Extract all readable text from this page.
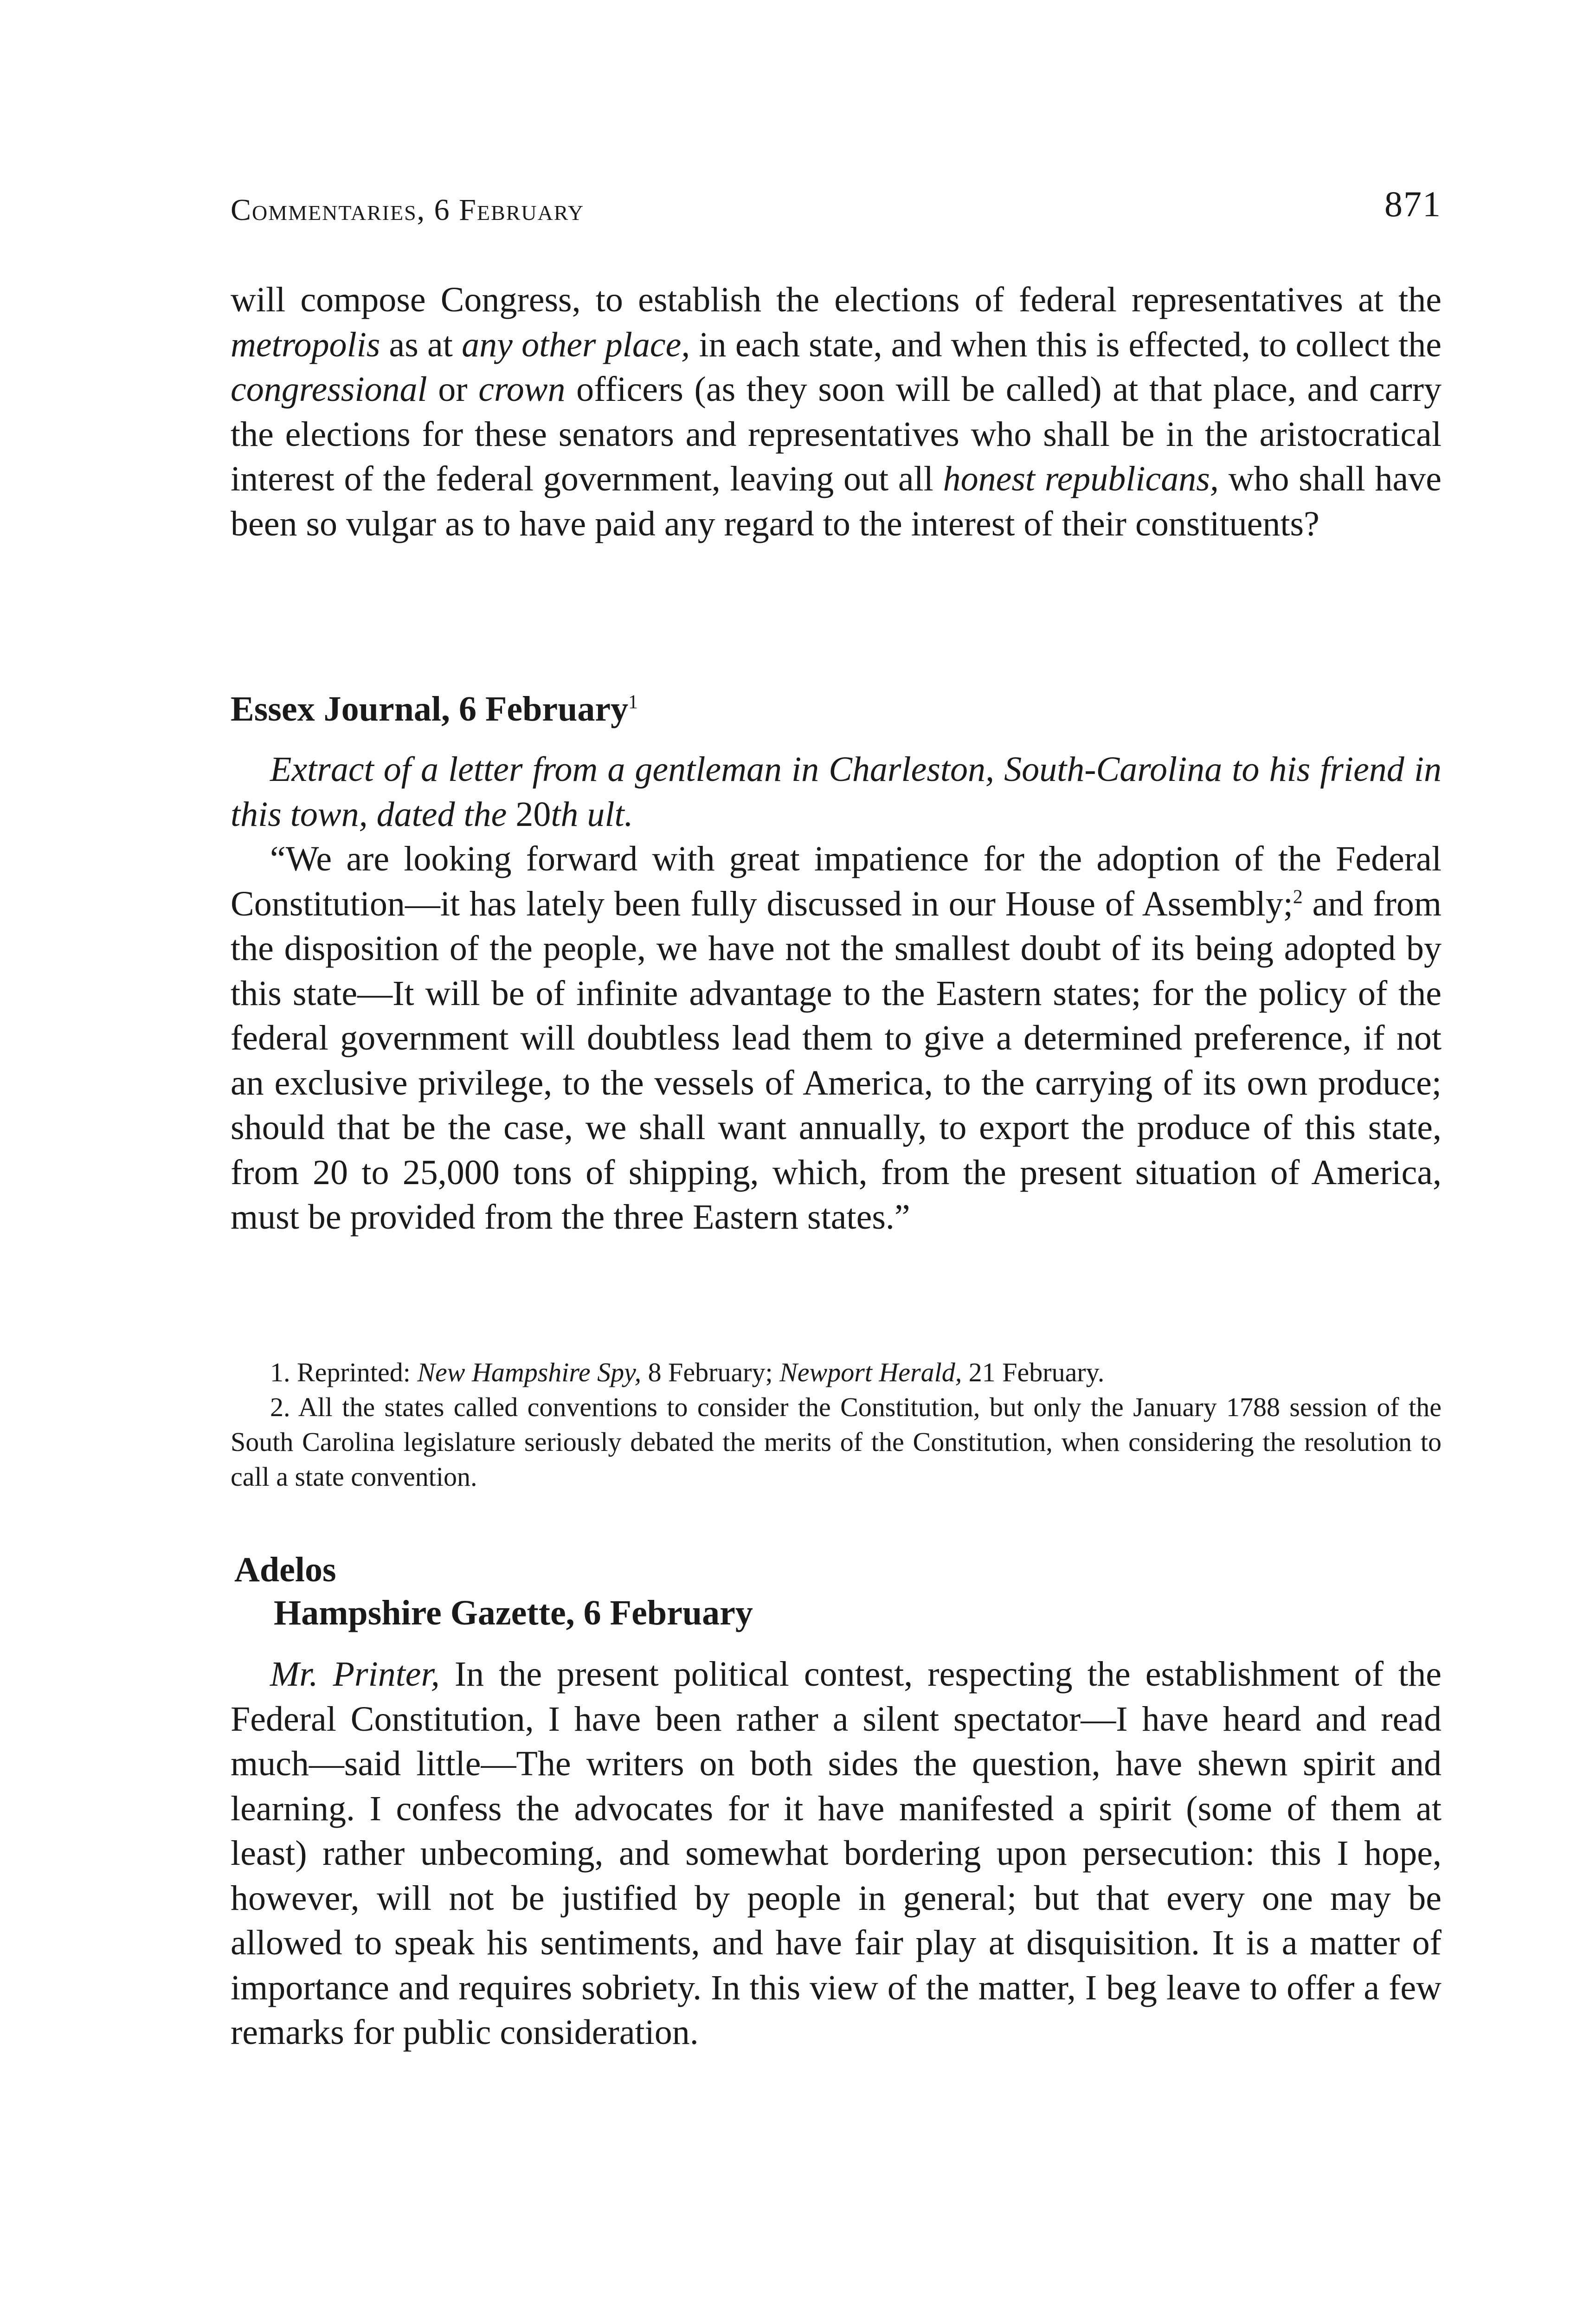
Commentaries, 6 February	871

will compose Congress, to establish the elections of federal representatives at the metropolis as at any other place, in each state, and when this is effected, to collect the congressional or crown officers (as they soon will be called) at that place, and carry the elections for these senators and representatives who shall be in the aristocratical interest of the federal government, leaving out all honest republicans, who shall have been so vulgar as to have paid any regard to the interest of their constituents?

Essex Journal, 6 February$^1$

Extract of a letter from a gentleman in Charleston, South-Carolina to his friend in this town, dated the 20th ult.

“We are looking forward with great impatience for the adoption of the Federal Constitution—it has lately been fully discussed in our House of Assembly;$^2$ and from the disposition of the people, we have not the smallest doubt of its being adopted by this state—It will be of infinite advantage to the Eastern states; for the policy of the federal government will doubtless lead them to give a determined preference, if not an exclusive privilege, to the vessels of America, to the carrying of its own produce; should that be the case, we shall want annually, to export the produce of this state, from 20 to 25,000 tons of shipping, which, from the present situation of America, must be provided from the three Eastern states.”

1. Reprinted: New Hampshire Spy, 8 February; Newport Herald, 21 February.

2. All the states called conventions to consider the Constitution, but only the January 1788 session of the South Carolina legislature seriously debated the merits of the Constitution, when considering the resolution to call a state convention.

Adelos
Hampshire Gazette, 6 February

Mr. Printer, In the present political contest, respecting the establishment of the Federal Constitution, I have been rather a silent spectator—I have heard and read much—said little—The writers on both sides the question, have shewn spirit and learning. I confess the advocates for it have manifested a spirit (some of them at least) rather unbecoming, and somewhat bordering upon persecution: this I hope, however, will not be justified by people in general; but that every one may be allowed to speak his sentiments, and have fair play at disquisition. It is a matter of importance and requires sobriety. In this view of the matter, I beg leave to offer a few remarks for public consideration.
